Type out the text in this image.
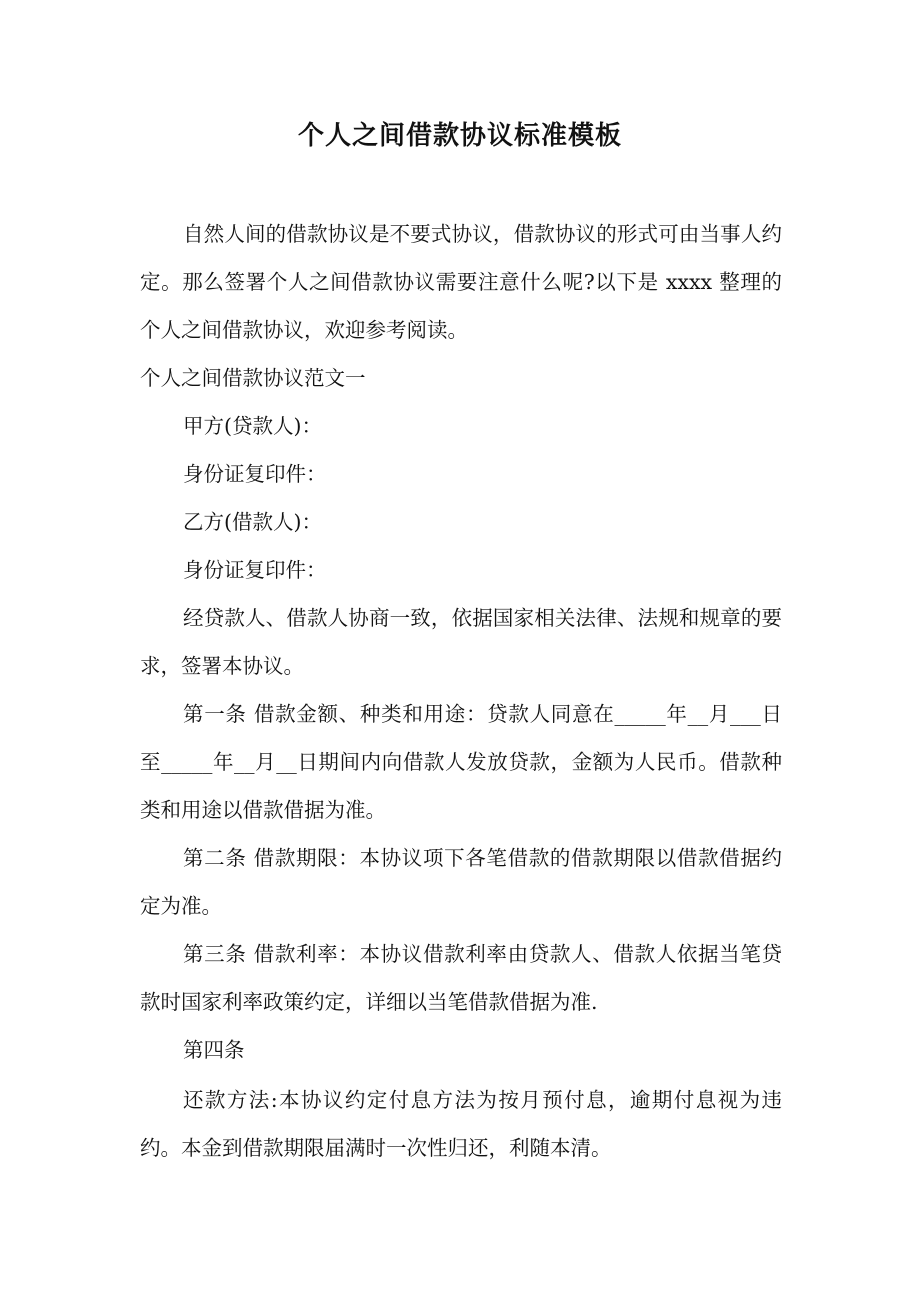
个人之间借款协议标准模板
自然人间的借款协议是不要式协议，借款协议的形式可由当事人约定。那么签署个人之间借款协议需要注意什么呢?以下是 xxxx 整理的个人之间借款协议，欢迎参考阅读。
个人之间借款协议范文一
甲方(贷款人)：
身份证复印件：
乙方(借款人)：
身份证复印件：
经贷款人、借款人协商一致，依据国家相关法律、法规和规章的要求，签署本协议。
第一条 借款金额、种类和用途：贷款人同意在_____年__月___日至_____年__月__日期间内向借款人发放贷款，金额为人民币。借款种类和用途以借款借据为准。
第二条 借款期限：本协议项下各笔借款的借款期限以借款借据约定为准。
第三条 借款利率：本协议借款利率由贷款人、借款人依据当笔贷款时国家利率政策约定，详细以当笔借款借据为准.
第四条
还款方法:本协议约定付息方法为按月预付息，逾期付息视为违约。本金到借款期限届满时一次性归还，利随本清。
